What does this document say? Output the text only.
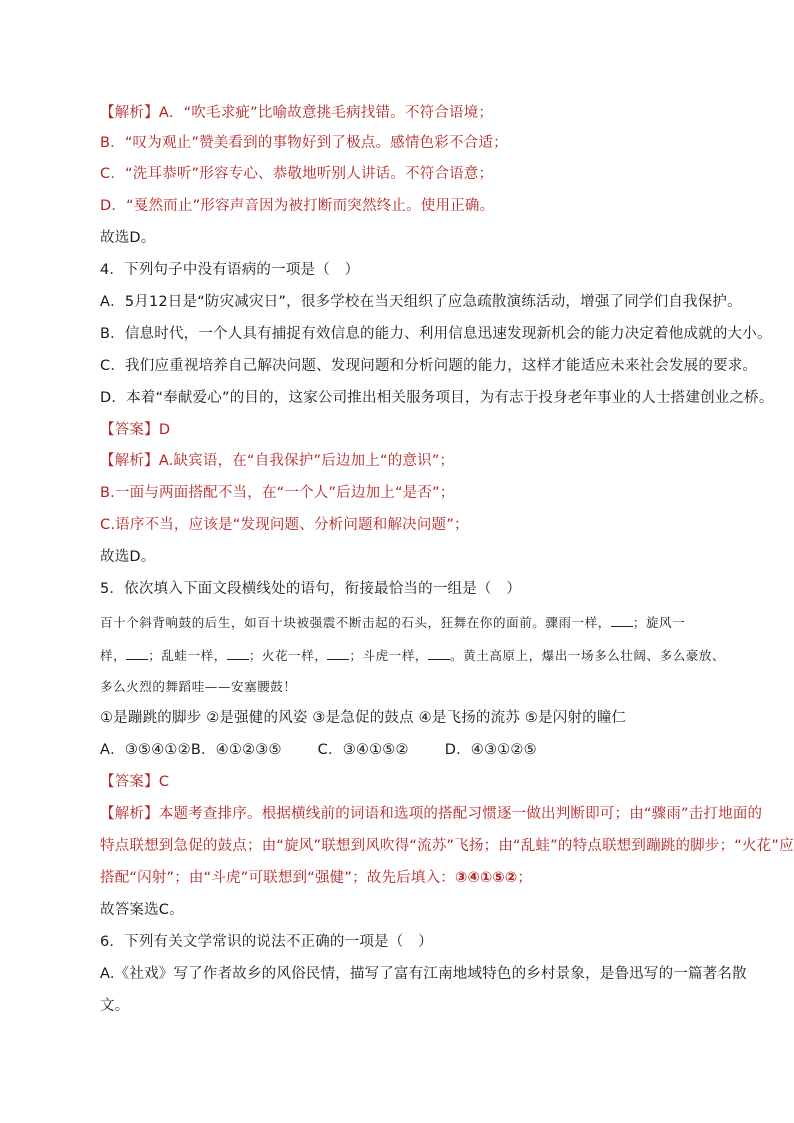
【解析】A．“吹毛求疵”比喻故意挑毛病找错。不符合语境；
B．“叹为观止”赞美看到的事物好到了极点。感情色彩不合适；
C．“洗耳恭听”形容专心、恭敬地听别人讲话。不符合语意；
D．“戛然而止”形容声音因为被打断而突然终止。使用正确。
故选D。
4．下列句子中没有语病的一项是（　）
A．5月12日是“防灾减灾日”，很多学校在当天组织了应急疏散演练活动，增强了同学们自我保护。
B．信息时代，一个人具有捕捉有效信息的能力、利用信息迅速发现新机会的能力决定着他成就的大小。
C．我们应重视培养自己解决问题、发现问题和分析问题的能力，这样才能适应未来社会发展的要求。
D．本着“奉献爱心”的目的，这家公司推出相关服务项目，为有志于投身老年事业的人士搭建创业之桥。
【答案】D
【解析】A.缺宾语，在“自我保护”后边加上“的意识”；
B.一面与两面搭配不当，在“一个人”后边加上“是否”；
C.语序不当，应该是“发现问题、分析问题和解决问题”；
故选D。
5．依次填入下面文段横线处的语句，衔接最恰当的一组是（　）
百十个斜背响鼓的后生，如百十块被强震不断击起的石头，狂舞在你的面前。骤雨一样， ；旋风一
样， ；乱蛙一样， ；火花一样， ；斗虎一样， 。黄土高原上，爆出一场多么壮阔、多么豪放、
多么火烈的舞蹈哇——安塞腰鼓！
①是蹦跳的脚步 ②是强健的风姿 ③是急促的鼓点 ④是飞扬的流苏 ⑤是闪射的瞳仁
A．③⑤④①②B．④①②③⑤ C．③④①⑤② D．④③①②⑤
【答案】C
【解析】本题考查排序。根据横线前的词语和选项的搭配习惯逐一做出判断即可；由“骤雨”击打地面的
特点联想到急促的鼓点；由“旋风”联想到风吹得“流苏”飞扬；由“乱蛙”的特点联想到蹦跳的脚步；“火花”应
搭配“闪射”；由“斗虎”可联想到“强健”；故先后填入：③④①⑤②；
故答案选C。
6．下列有关文学常识的说法不正确的一项是（　）
A.《社戏》写了作者故乡的风俗民情，描写了富有江南地域特色的乡村景象，是鲁迅写的一篇著名散
文。
